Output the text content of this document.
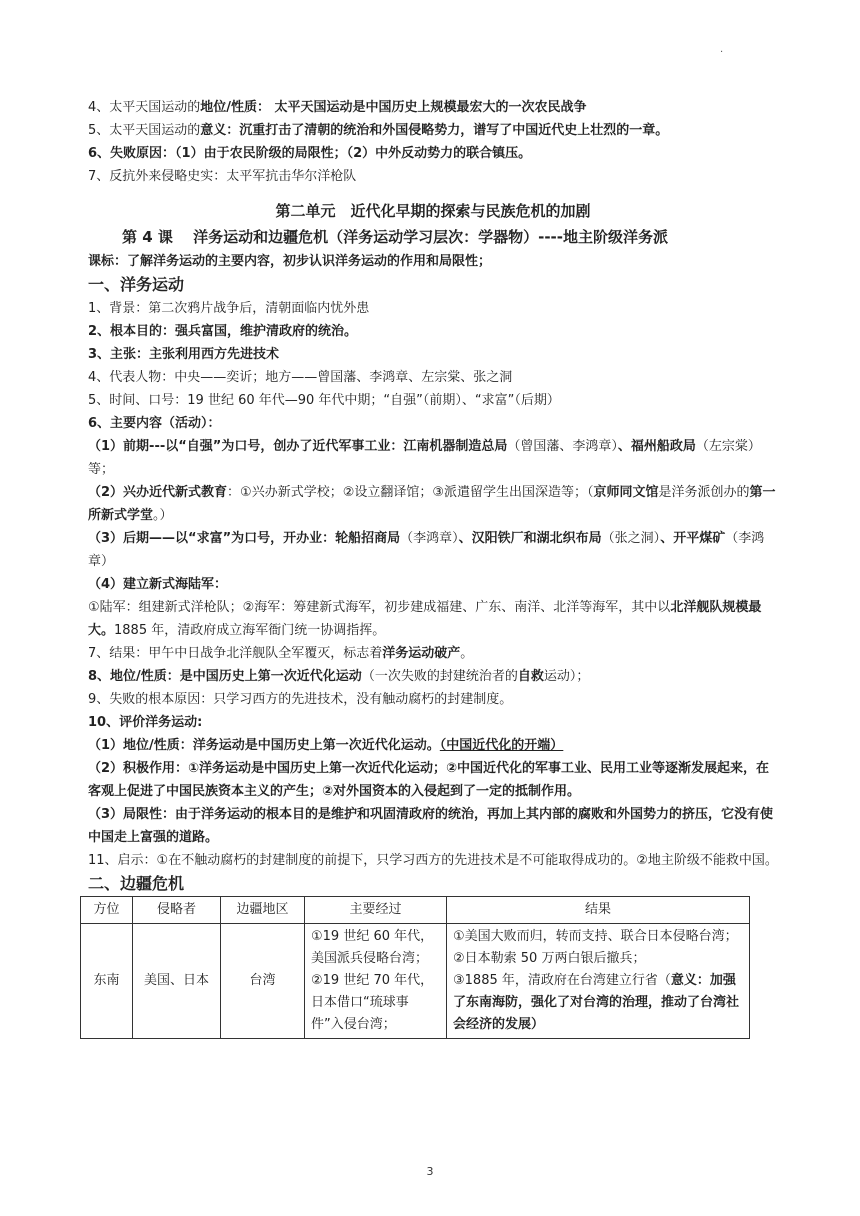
.
4、太平天国运动的地位/性质： 太平天国运动是中国历史上规模最宏大的一次农民战争
5、太平天国运动的意义：沉重打击了清朝的统治和外国侵略势力，谱写了中国近代史上壮烈的一章。
6、失败原因：（1）由于农民阶级的局限性；（2）中外反动势力的联合镇压。
7、反抗外来侵略史实：太平军抗击华尔洋枪队
第二单元　近代化早期的探索与民族危机的加剧
第 4 课　 洋务运动和边疆危机（洋务运动学习层次：学器物）----地主阶级洋务派
课标：了解洋务运动的主要内容，初步认识洋务运动的作用和局限性；
一、洋务运动
1、背景：第二次鸦片战争后，清朝面临内忧外患
2、根本目的：强兵富国，维护清政府的统治。
3、主张：主张利用西方先进技术
4、代表人物：中央——奕䜣；地方——曾国藩、李鸿章、左宗棠、张之洞
5、时间、口号：19 世纪 60 年代—90 年代中期；“自强”（前期）、“求富”（后期）
6、主要内容（活动）：
（1）前期---以“自强”为口号，创办了近代军事工业：江南机器制造总局（曾国藩、李鸿章）、福州船政局（左宗棠）等；
（2）兴办近代新式教育：①兴办新式学校；②设立翻译馆；③派遣留学生出国深造等；（京师同文馆是洋务派创办的第一所新式学堂。）
（3）后期——以“求富”为口号，开办业：轮船招商局（李鸿章）、汉阳铁厂和湖北织布局（张之洞）、开平煤矿（李鸿章）
（4）建立新式海陆军：
①陆军：组建新式洋枪队；②海军：筹建新式海军，初步建成福建、广东、南洋、北洋等海军，其中以北洋舰队规模最大。1885 年，清政府成立海军衙门统一协调指挥。
7、结果：甲午中日战争北洋舰队全军覆灭，标志着洋务运动破产。
8、地位/性质：是中国历史上第一次近代化运动（一次失败的封建统治者的自救运动）；
9、失败的根本原因：只学习西方的先进技术，没有触动腐朽的封建制度。
10、评价洋务运动:
（1）地位/性质：洋务运动是中国历史上第一次近代化运动。（中国近代化的开端）
（2）积极作用：①洋务运动是中国历史上第一次近代化运动；②中国近代化的军事工业、民用工业等逐渐发展起来，在客观上促进了中国民族资本主义的产生；②对外国资本的入侵起到了一定的抵制作用。
（3）局限性：由于洋务运动的根本目的是维护和巩固清政府的统治，再加上其内部的腐败和外国势力的挤压，它没有使中国走上富强的道路。
11、启示：①在不触动腐朽的封建制度的前提下，只学习西方的先进技术是不可能取得成功的。②地主阶级不能救中国。
二、边疆危机
方位	侵略者	边疆地区	主要经过	结果
东南	美国、日本	台湾	①19 世纪 60 年代，美国派兵侵略台湾；②19 世纪 70 年代，日本借口“琉球事件”入侵台湾；	①美国大败而归，转而支持、联合日本侵略台湾；
②日本勒索 50 万两白银后撤兵；
③1885 年，清政府在台湾建立行省（意义：加强了东南海防，强化了对台湾的治理，推动了台湾社会经济的发展）
3
